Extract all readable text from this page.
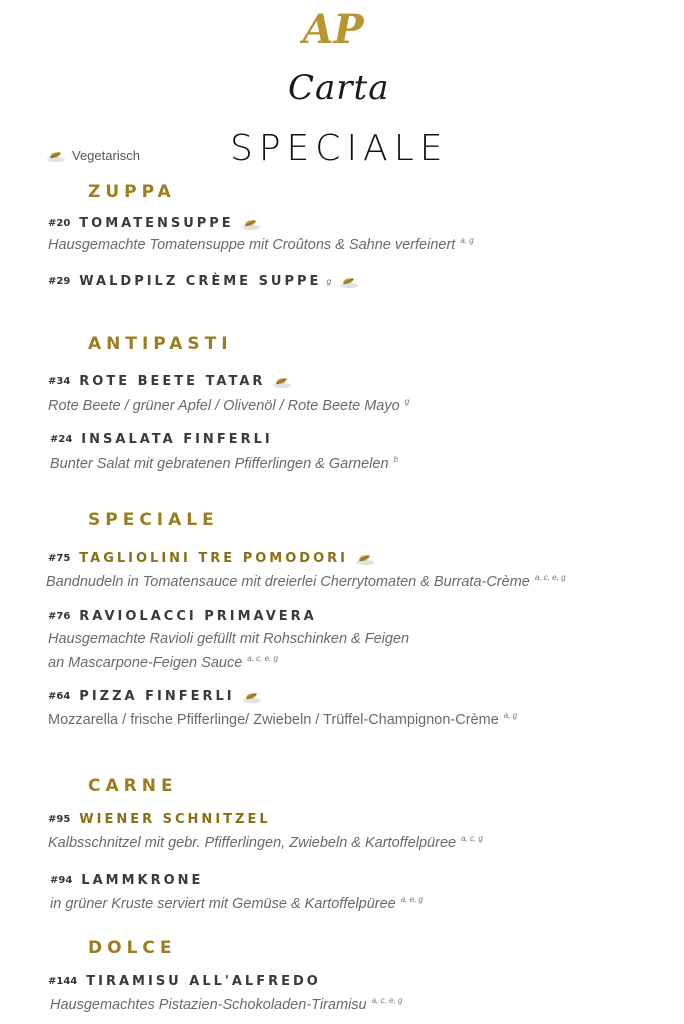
AP
Carta
SPECIALE
Vegetarisch
ZUPPA
#20 TOMATENSUPPE
Hausgemachte Tomatensuppe mit Croûtons & Sahne verfeinert $^{a, g}$
#29 WALDPILZ CRÈME SUPPE g
ANTIPASTI
#34 ROTE BEETE TATAR
Rote Beete / grüner Apfel / Olivenöl / Rote Beete Mayo $^g$
#24 INSALATA FINFERLI
Bunter Salat mit gebratenen Pfifferlingen & Garnelen $^b$
SPECIALE
#75 TAGLIOLINI TRE POMODORI
Bandnudeln in Tomatensauce mit dreierlei Cherrytomaten & Burrata-Crème $^{a, c, e, g}$
#76 RAVIOLACCI PRIMAVERA
Hausgemachte Ravioli gefüllt mit Rohschinken & Feigen
an Mascarpone-Feigen Sauce $^{a, c, e, g}$
#64 PIZZA FINFERLI
Mozzarella / frische Pfifferlinge/ Zwiebeln / Trüffel-Champignon-Crème $^{a, g}$
CARNE
#95 WIENER SCHNITZEL
Kalbsschnitzel mit gebr. Pfifferlingen, Zwiebeln & Kartoffelpüree $^{a, c, g}$
#94 LAMMKRONE
in grüner Kruste serviert mit Gemüse & Kartoffelpüree $^{a, e, g}$
DOLCE
#144 TIRAMISU ALL'ALFREDO
Hausgemachtes Pistazien-Schokoladen-Tiramisu $^{a, c, e, g}$
